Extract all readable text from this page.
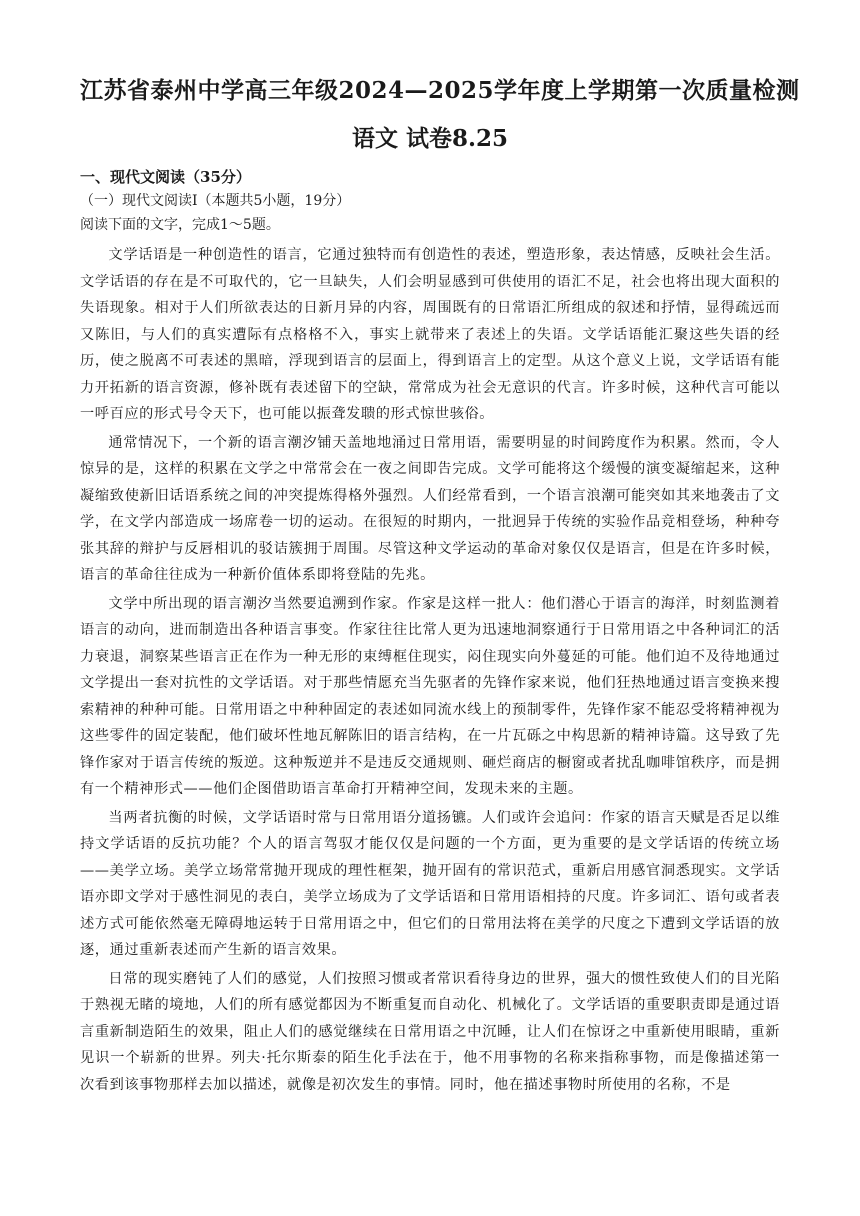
江苏省泰州中学高三年级2024—2025学年度上学期第一次质量检测
语文 试卷8.25
一、现代文阅读（35分）
（一）现代文阅读Ⅰ（本题共5小题，19分）
阅读下面的文字，完成1～5题。

文学话语是一种创造性的语言，它通过独特而有创造性的表述，塑造形象，表达情感，反映社会生活。文学话语的存在是不可取代的，它一旦缺失，人们会明显感到可供使用的语汇不足，社会也将出现大面积的失语现象。相对于人们所欲表达的日新月异的内容，周围既有的日常语汇所组成的叙述和抒情，显得疏远而又陈旧，与人们的真实遭际有点格格不入，事实上就带来了表述上的失语。文学话语能汇聚这些失语的经历，使之脱离不可表述的黑暗，浮现到语言的层面上，得到语言上的定型。从这个意义上说，文学话语有能力开拓新的语言资源，修补既有表述留下的空缺，常常成为社会无意识的代言。许多时候，这种代言可能以一呼百应的形式号令天下，也可能以振聋发聩的形式惊世骇俗。

通常情况下，一个新的语言潮汐铺天盖地地涌过日常用语，需要明显的时间跨度作为积累。然而，令人惊异的是，这样的积累在文学之中常常会在一夜之间即告完成。文学可能将这个缓慢的演变凝缩起来，这种凝缩致使新旧话语系统之间的冲突提炼得格外强烈。人们经常看到，一个语言浪潮可能突如其来地袭击了文学，在文学内部造成一场席卷一切的运动。在很短的时期内，一批迥异于传统的实验作品竞相登场，种种夸张其辞的辩护与反唇相讥的驳诘簇拥于周围。尽管这种文学运动的革命对象仅仅是语言，但是在许多时候，语言的革命往往成为一种新价值体系即将登陆的先兆。

文学中所出现的语言潮汐当然要追溯到作家。作家是这样一批人：他们潜心于语言的海洋，时刻监测着语言的动向，进而制造出各种语言事变。作家往往比常人更为迅速地洞察通行于日常用语之中各种词汇的活力衰退，洞察某些语言正在作为一种无形的束缚框住现实，闷住现实向外蔓延的可能。他们迫不及待地通过文学提出一套对抗性的文学话语。对于那些情愿充当先驱者的先锋作家来说，他们狂热地通过语言变换来搜索精神的种种可能。日常用语之中种种固定的表述如同流水线上的预制零件，先锋作家不能忍受将精神视为这些零件的固定装配，他们破坏性地瓦解陈旧的语言结构，在一片瓦砾之中构思新的精神诗篇。这导致了先锋作家对于语言传统的叛逆。这种叛逆并不是违反交通规则、砸烂商店的橱窗或者扰乱咖啡馆秩序，而是拥有一个精神形式——他们企图借助语言革命打开精神空间，发现未来的主题。

当两者抗衡的时候，文学话语时常与日常用语分道扬镳。人们或许会追问：作家的语言天赋是否足以维持文学话语的反抗功能？个人的语言驾驭才能仅仅是问题的一个方面，更为重要的是文学话语的传统立场——美学立场。美学立场常常抛开现成的理性框架，抛开固有的常识范式，重新启用感官洞悉现实。文学话语亦即文学对于感性洞见的表白，美学立场成为了文学话语和日常用语相持的尺度。许多词汇、语句或者表述方式可能依然毫无障碍地运转于日常用语之中，但它们的日常用法将在美学的尺度之下遭到文学话语的放逐，通过重新表述而产生新的语言效果。

日常的现实磨钝了人们的感觉，人们按照习惯或者常识看待身边的世界，强大的惯性致使人们的目光陷于熟视无睹的境地，人们的所有感觉都因为不断重复而自动化、机械化了。文学话语的重要职责即是通过语言重新制造陌生的效果，阻止人们的感觉继续在日常用语之中沉睡，让人们在惊讶之中重新使用眼睛，重新见识一个崭新的世界。列夫·托尔斯泰的陌生化手法在于，他不用事物的名称来指称事物，而是像描述第一次看到该事物那样去加以描述，就像是初次发生的事情。同时，他在描述事物时所使用的名称，不是
